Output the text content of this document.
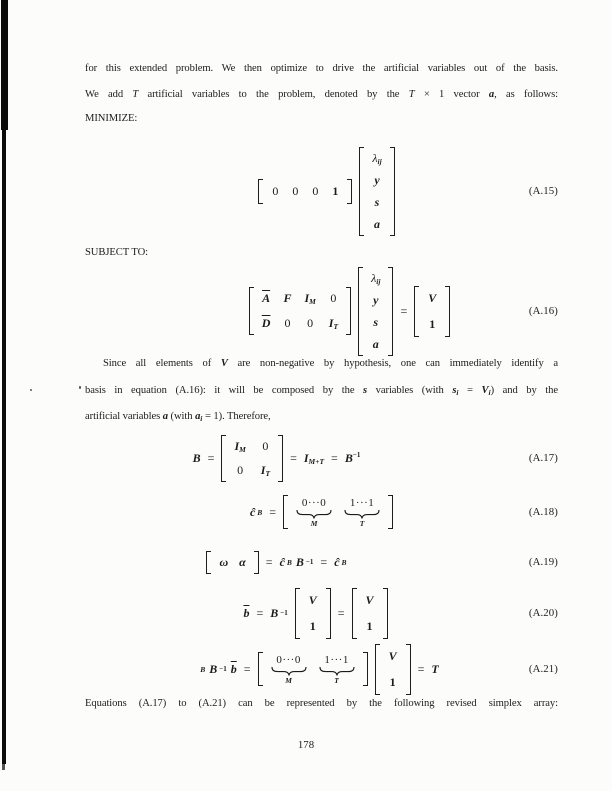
for this extended problem. We then optimize to drive the artificial variables out of the basis.
We add T artificial variables to the problem, denoted by the T × 1 vector a, as follows:
MINIMIZE:
0 0 0 1
λij
y
s
a
(A.15)
SUBJECT TO:
$\overline{A}$ F IM 0
$\overline{D}$ 0 0 IT
λij
y
s
a
=
V
1
(A.16)
Since all elements of V are non-negative by hypothesis, one can immediately identify a
basis in equation (A.16): it will be composed by the s variables (with si = Vi) and by the
artificial variables a (with ai = 1). Therefore,
B =
IM 0
0 IT
= $IM+T = B^{-1}$	(A.17)
ĉ B =
0···0
M
1···1
T
(A.18)
ω α = ĉ B B −1 = ĉ B	(A.19)
$\overline{b} = B -1$
V
1
=
V
1
(A.20)
B B −1 $\overline{b}$ =
0···0
M
1···1
T
V
1
= T	(A.21)
Equations (A.17) to (A.21) can be represented by the following revised simplex array:
178
